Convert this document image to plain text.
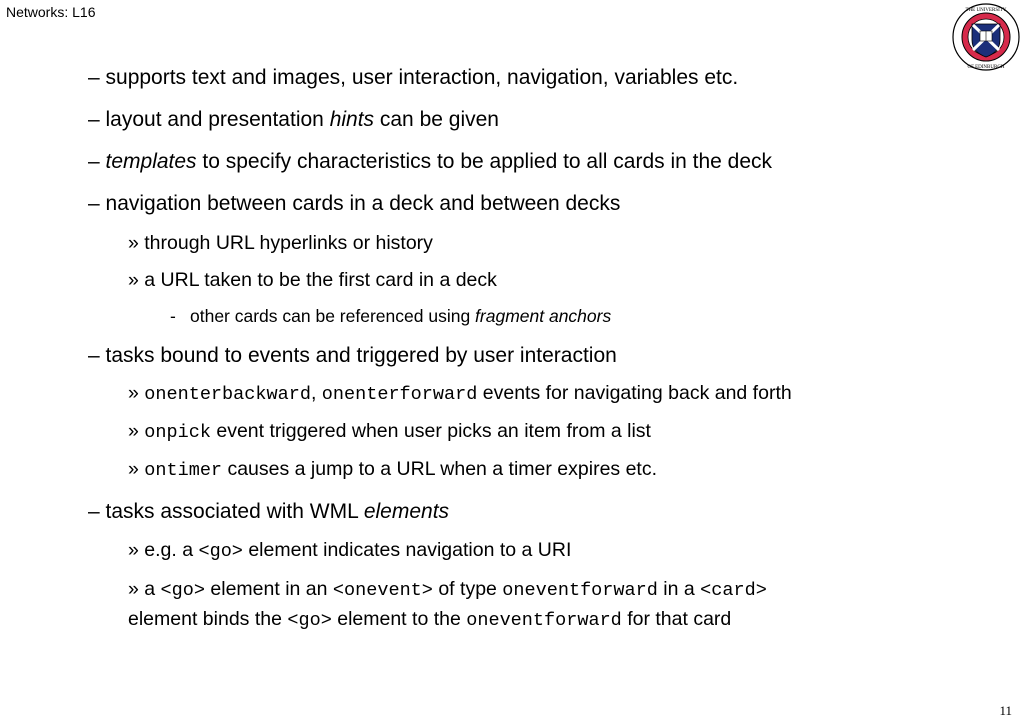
Networks: L16	THE UNIVERSITY
OF EDINBURGH

– supports text and images, user interaction, navigation, variables etc.

– layout and presentation hints can be given

– templates to specify characteristics to be applied to all cards in the deck

– navigation between cards in a deck and between decks

» through URL hyperlinks or history

» a URL taken to be the first card in a deck

- other cards can be referenced using fragment anchors

– tasks bound to events and triggered by user interaction

» onenterbackward, onenterforward events for navigating back and forth

» onpick event triggered when user picks an item from a list

» ontimer causes a jump to a URL when a timer expires etc.

– tasks associated with WML elements

» e.g. a <go> element indicates navigation to a URI

» a <go> element in an <onevent> of type oneventforward in a <card>

element binds the <go> element to the oneventforward for that card

11
